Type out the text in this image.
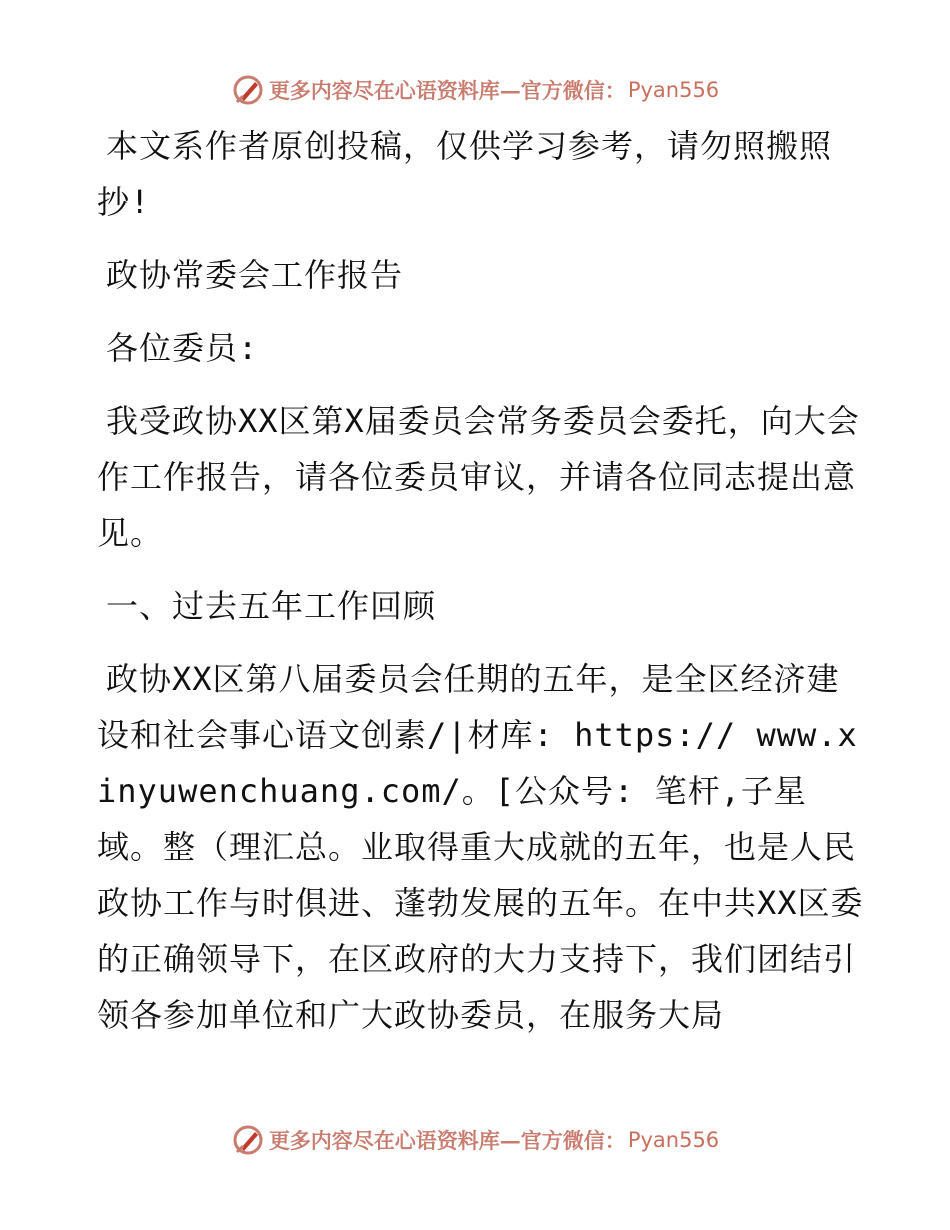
更多内容尽在心语资料库—官方微信： Pyan556

本文系作者原创投稿，仅供学习参考，请勿照搬照抄!

政协常委会工作报告

各位委员:

我受政协XX区第X届委员会常务委员会委托，向大会作工作报告，请各位委员审议，并请各位同志提出意见。

一、过去五年工作回顾

政协XX区第八届委员会任期的五年，是全区经济建设和社会事心语文创素/|材库: https:// www.xinyuwenchuang.com/。[公众号: 笔杆,子星域。整（理汇总。业取得重大成就的五年，也是人民政协工作与时俱进、蓬勃发展的五年。在中共XX区委的正确领导下，在区政府的大力支持下，我们团结引领各参加单位和广大政协委员，在服务大局

更多内容尽在心语资料库—官方微信： Pyan556
